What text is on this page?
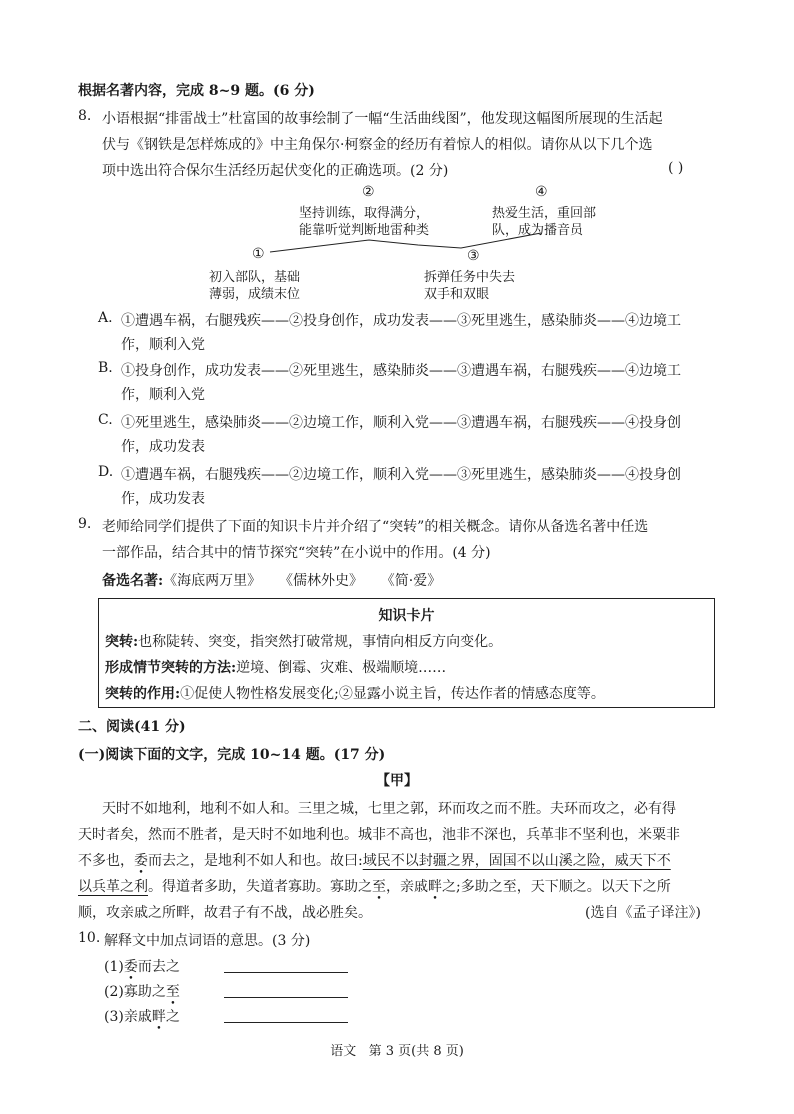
根据名著内容，完成 8~9 题。(6 分)
8. 小语根据“排雷战士”杜富国的故事绘制了一幅“生活曲线图”，他发现这幅图所展现的生活起
伏与《钢铁是怎样炼成的》中主角保尔·柯察金的经历有着惊人的相似。请你从以下几个选
项中选出符合保尔生活经历起伏变化的正确选项。(2 分)	( )
②
坚持训练，取得满分，
能靠听觉判断地雷种类
④
热爱生活，重回部
队，成为播音员
①
初入部队，基础
薄弱，成绩末位
③
拆弹任务中失去
双手和双眼
A. ①遭遇车祸，右腿残疾——②投身创作，成功发表——③死里逃生，感染肺炎——④边境工
作，顺利入党
B. ①投身创作，成功发表——②死里逃生，感染肺炎——③遭遇车祸，右腿残疾——④边境工
作，顺利入党
C. ①死里逃生，感染肺炎——②边境工作，顺利入党——③遭遇车祸，右腿残疾——④投身创
作，成功发表
D. ①遭遇车祸，右腿残疾——②边境工作，顺利入党——③死里逃生，感染肺炎——④投身创
作，成功发表
9. 老师给同学们提供了下面的知识卡片并介绍了“突转”的相关概念。请你从备选名著中任选
一部作品，结合其中的情节探究“突转”在小说中的作用。(4 分)
备选名著:《海底两万里》    《儒林外史》    《简·爱》
知识卡片
突转:也称陡转、突变，指突然打破常规，事情向相反方向变化。
形成情节突转的方法:逆境、倒霉、灾难、极端顺境……
突转的作用:①促使人物性格发展变化;②显露小说主旨，传达作者的情感态度等。
二、阅读(41 分)
(一)阅读下面的文字，完成 10~14 题。(17 分)
【甲】
天时不如地利，地利不如人和。三里之城，七里之郭，环而攻之而不胜。夫环而攻之，必有得
天时者矣，然而不胜者，是天时不如地利也。城非不高也，池非不深也，兵革非不坚利也，米粟非
不多也，委而去之，是地利不如人和也。故曰:域民不以封疆之界，固国不以山溪之险，威天下不
以兵革之利。得道者多助，失道者寡助。寡助之至，亲戚畔之;多助之至，天下顺之。以天下之所
顺，攻亲戚之所畔，故君子有不战，战必胜矣。	(选自《孟子译注》)
10. 解释文中加点词语的意思。(3 分)
(1)委而去之
(2)寡助之至
(3)亲戚畔之
语文   第 3 页(共 8 页)
